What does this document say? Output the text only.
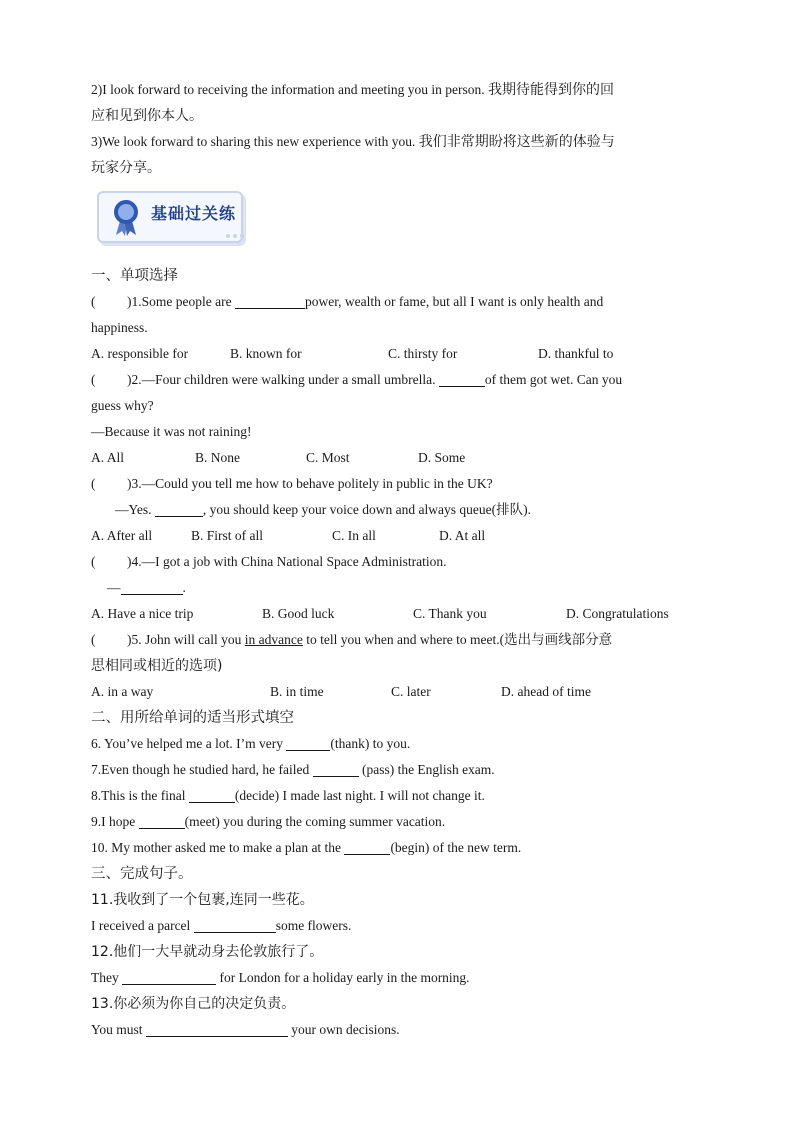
2)I look forward to receiving the information and meeting you in person. 我期待能得到你的回
应和见到你本人。
3)We look forward to sharing this new experience with you. 我们非常期盼将这些新的体验与
玩家分享。
基础过关练
一、单项选择
( )1.Some people are	power, wealth or fame, but all I want is only health and
happiness.
A. responsible for	B. known for	C. thirsty for	D. thankful to
( )2.—Four children were walking under a small umbrella.	of them got wet. Can you
guess why?
—Because it was not raining!
A. All	B. None	C. Most	D. Some
( )3.—Could you tell me how to behave politely in public in the UK?
—Yes.	, you should keep your voice down and always queue(排队).
A. After all	B. First of all	C. In all	D. At all
( )4.—I got a job with China National Space Administration.
—	.
A. Have a nice trip	B. Good luck	C. Thank you	D. Congratulations
( )5. John will call you in advance to tell you when and where to meet.(选出与画线部分意
思相同或相近的选项)
A. in a way	B. in time	C. later	D. ahead of time
二、用所给单词的适当形式填空
6. You’ve helped me a lot. I’m very	(thank) to you.
7.Even though he studied hard, he failed	(pass) the English exam.
8.This is the final	(decide) I made last night. I will not change it.
9.I hope	(meet) you during the coming summer vacation.
10. My mother asked me to make a plan at the	(begin) of the new term.
三、完成句子。
11.我收到了一个包裹,连同一些花。
I received a parcel	some flowers.
12.他们一大早就动身去伦敦旅行了。
They	for London for a holiday early in the morning.
13.你必须为你自己的决定负责。
You must	your own decisions.
